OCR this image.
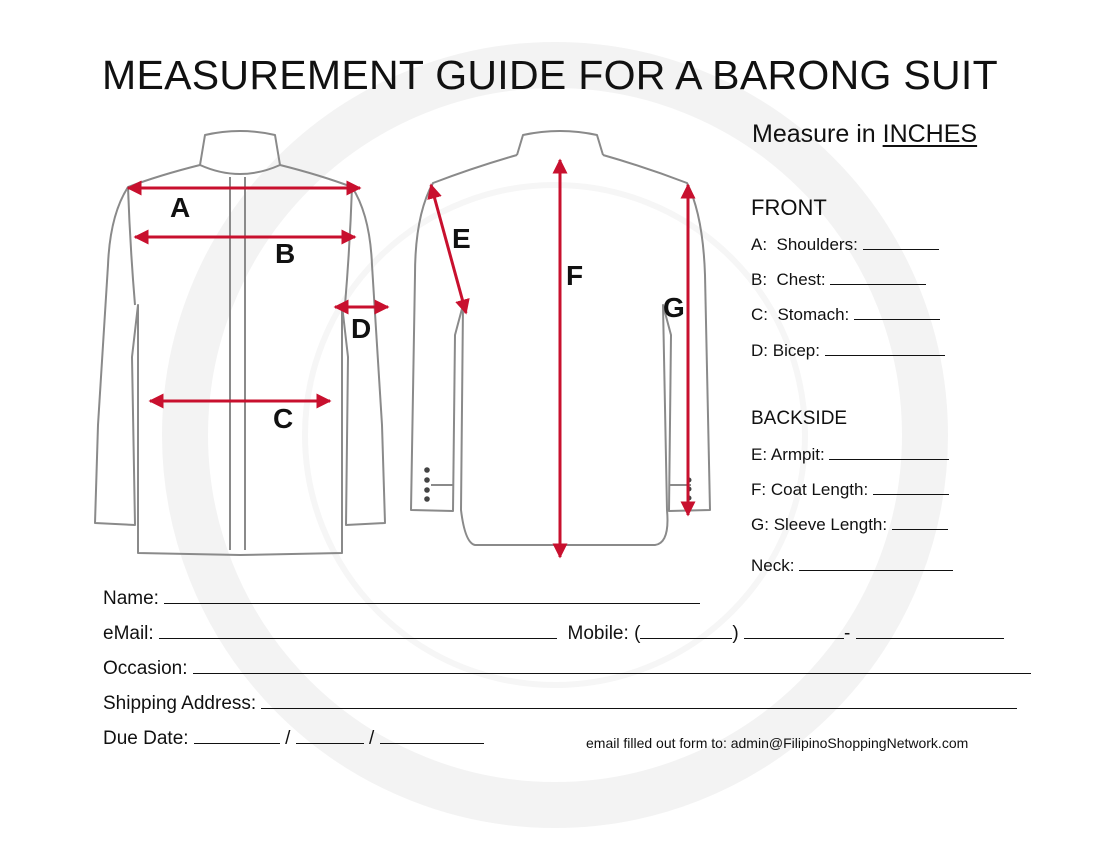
MEASUREMENT GUIDE FOR A BARONG SUIT
Measure in INCHES
A
B
C
D
E
F
G
FRONT
A: Shoulders:
B: Chest:
C: Stomach:
D: Bicep:
BACKSIDE
E: Armpit:
F: Coat Length:
G: Sleeve Length:
Neck:
Name:
eMail:	Mobile: (	)	-
Occasion:
Shipping Address:
Due Date:	/	/	email filled out form to: admin@FilipinoShoppingNetwork.com
